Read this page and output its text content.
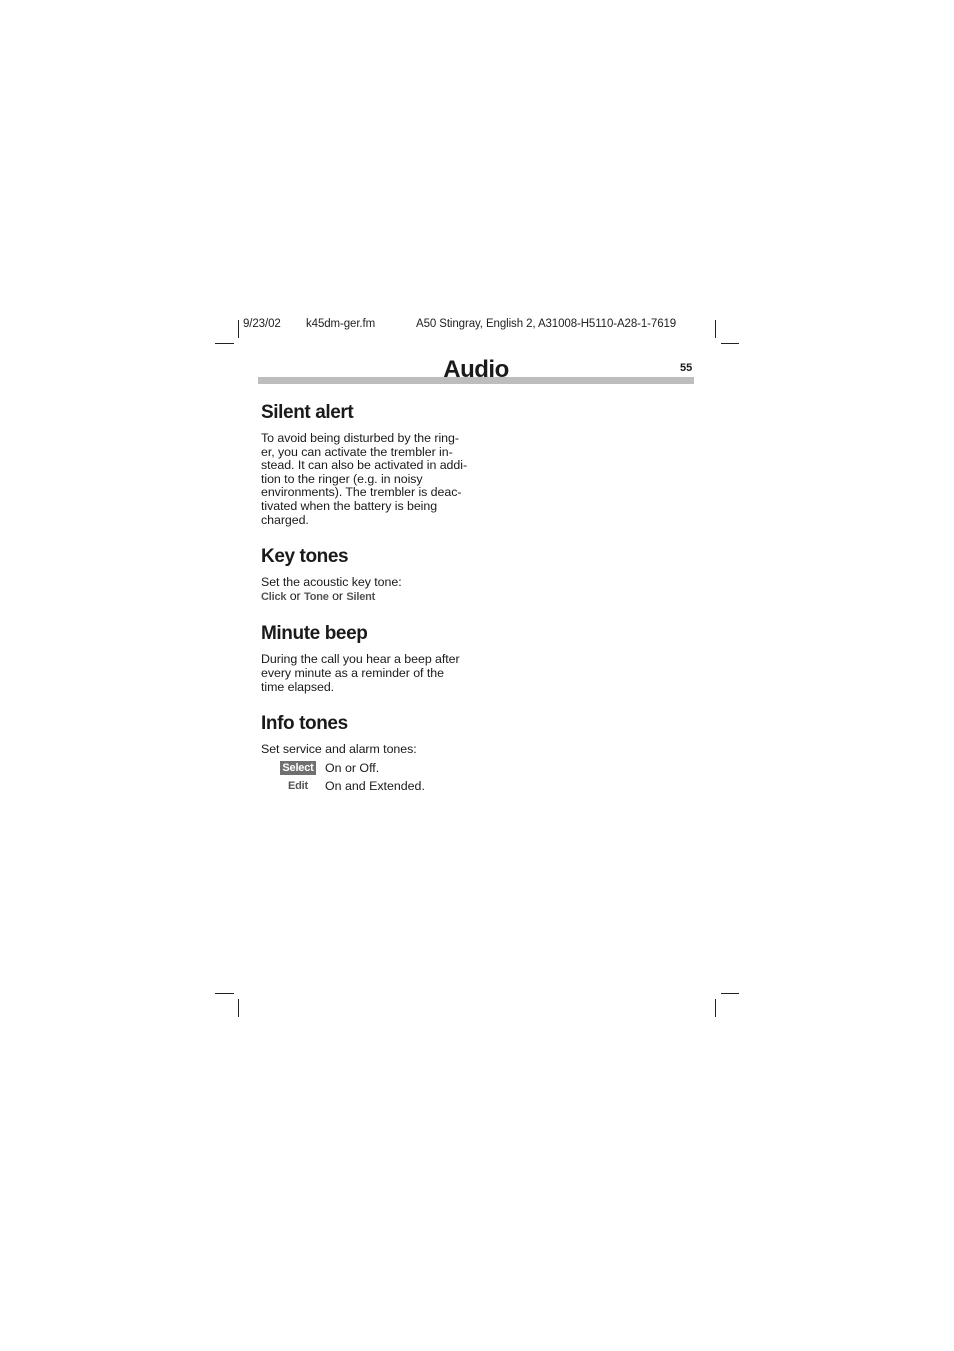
9/23/02 k45dm-ger.fm	A50 Stingray, English 2, A31008-H5110-A28-1-7619
Audio	55
Silent alert

To avoid being disturbed by the ring-
er, you can activate the trembler in-
stead. It can also be activated in addi-
tion to the ringer (e.g. in noisy
environments). The trembler is deac-
tivated when the battery is being
charged.

Key tones

Set the acoustic key tone:
Click or Tone or Silent

Minute beep

During the call you hear a beep after
every minute as a reminder of the
time elapsed.

Info tones

Set service and alarm tones:

Select On or Off.
Edit	On and Extended.
